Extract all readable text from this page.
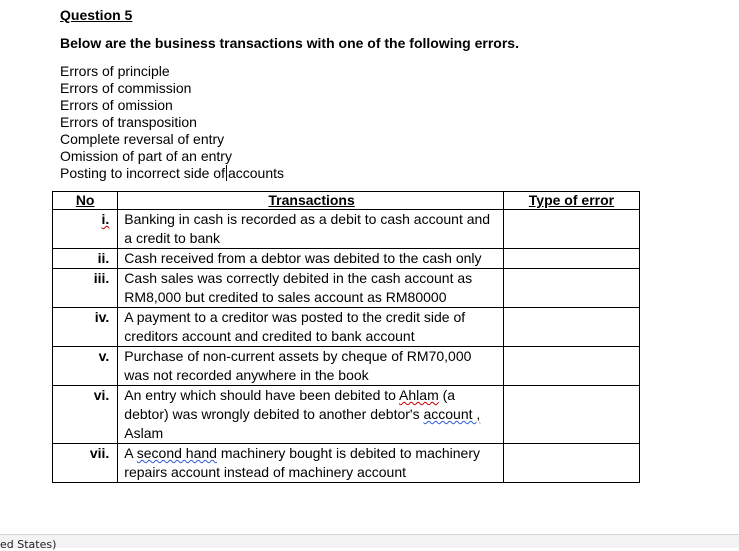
Question 5
Below are the business transactions with one of the following errors.
Errors of principle
Errors of commission
Errors of omission
Errors of transposition
Complete reversal of entry
Omission of part of an entry
Posting to incorrect side of accounts
No	Transactions	Type of error
i.	Banking in cash is recorded as a debit to cash account and a credit to bank	
ii.	Cash received from a debtor was debited to the cash only	
iii.	Cash sales was correctly debited in the cash account as RM8,000 but credited to sales account as RM80000	
iv.	A payment to a creditor was posted to the credit side of creditors account and credited to bank account	
v.	Purchase of non-current assets by cheque of RM70,000 was not recorded anywhere in the book	
vi.	An entry which should have been debited to Ahlam (a debtor) was wrongly debited to another debtor's account ,
Aslam	
vii.	A second hand machinery bought is debited to machinery repairs account instead of machinery account	
ed States)
